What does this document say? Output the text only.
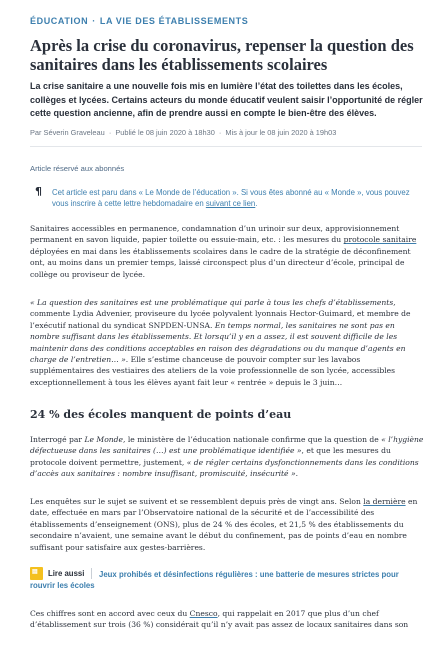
ÉDUCATION · LA VIE DES ÉTABLISSEMENTS
Après la crise du coronavirus, repenser la question des sanitaires dans les établissements scolaires

La crise sanitaire a une nouvelle fois mis en lumière l’état des toilettes dans les écoles, collèges et lycées. Certains acteurs du monde éducatif veulent saisir l’opportunité de régler cette question ancienne, afin de prendre aussi en compte le bien-être des élèves.

Par Séverin Graveleau · Publié le 08 juin 2020 à 18h30 · Mis à jour le 08 juin 2020 à 19h03
Article réservé aux abonnés
¶ Cet article est paru dans « Le Monde de l’éducation ». Si vous êtes abonné au « Monde », vous pouvez vous inscrire à cette lettre hebdomadaire en suivant ce lien.

Sanitaires accessibles en permanence, condamnation d’un urinoir sur deux, approvisionnement permanent en savon liquide, papier toilette ou essuie-main, etc. : les mesures du protocole sanitaire déployées en mai dans les établissements scolaires dans le cadre de la stratégie de déconfinement ont, au moins dans un premier temps, laissé circonspect plus d’un directeur d’école, principal de collège ou proviseur de lycée.

« La question des sanitaires est une problématique qui parle à tous les chefs d’établissements, commente Lydia Advenier, proviseure du lycée polyvalent lyonnais Hector-Guimard, et membre de l’exécutif national du syndicat SNPDEN-UNSA. En temps normal, les sanitaires ne sont pas en nombre suffisant dans les établissements. Et lorsqu’il y en a assez, il est souvent difficile de les maintenir dans des conditions acceptables en raison des dégradations ou du manque d’agents en charge de l’entretien… ». Elle s’estime chanceuse de pouvoir compter sur les lavabos supplémentaires des vestiaires des ateliers de la voie professionnelle de son lycée, accessibles exceptionnellement à tous les élèves ayant fait leur « rentrée » depuis le 3 juin…

24 % des écoles manquent de points d’eau

Interrogé par Le Monde, le ministère de l’éducation nationale confirme que la question de « l’hygiène défectueuse dans les sanitaires (…) est une problématique identifiée », et que les mesures du protocole doivent permettre, justement, « de régler certains dysfonctionnements dans les conditions d’accès aux sanitaires : nombre insuffisant, promiscuité, insécurité ».

Les enquêtes sur le sujet se suivent et se ressemblent depuis près de vingt ans. Selon la dernière en date, effectuée en mars par l’Observatoire national de la sécurité et de l’accessibilité des établissements d’enseignement (ONS), plus de 24 % des écoles, et 21,5 % des établissements du secondaire n’avaient, une semaine avant le début du confinement, pas de points d’eau en nombre suffisant pour satisfaire aux gestes-barrières.

Jeux prohibés et désinfections régulières : une batterie de mesures strictes pour rouvrir les écoles

▤ Lire aussi

Ces chiffres sont en accord avec ceux du Cnesco, qui rappelait en 2017 que plus d’un chef d’établissement sur trois (36 %) considérait qu’il n’y avait pas assez de locaux sanitaires dans son
